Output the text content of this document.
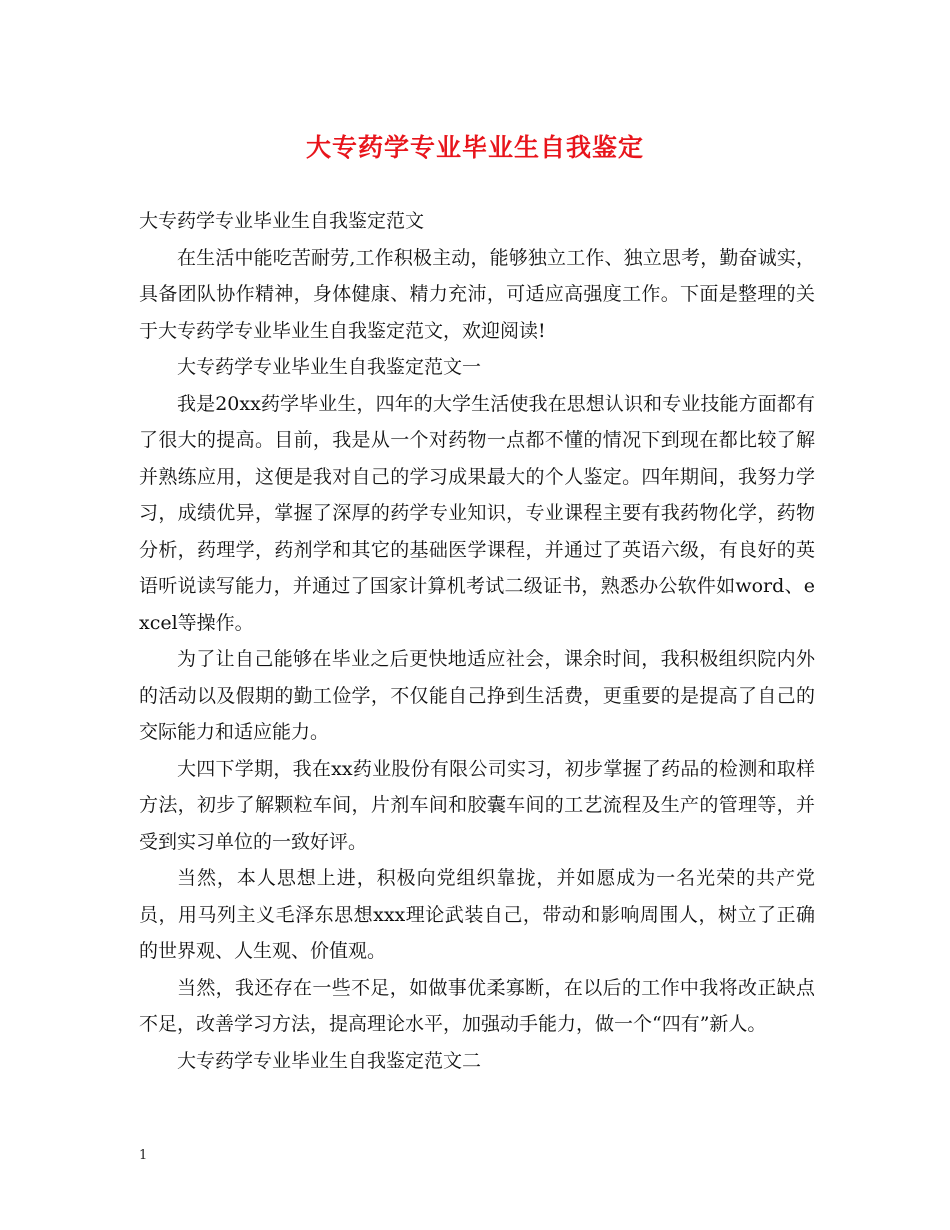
大专药学专业毕业生自我鉴定

大专药学专业毕业生自我鉴定范文

在生活中能吃苦耐劳,工作积极主动，能够独立工作、独立思考，勤奋诚实，具备团队协作精神，身体健康、精力充沛，可适应高强度工作。下面是整理的关于大专药学专业毕业生自我鉴定范文，欢迎阅读!

大专药学专业毕业生自我鉴定范文一

我是20xx药学毕业生，四年的大学生活使我在思想认识和专业技能方面都有了很大的提高。目前，我是从一个对药物一点都不懂的情况下到现在都比较了解并熟练应用，这便是我对自己的学习成果最大的个人鉴定。四年期间，我努力学习，成绩优异，掌握了深厚的药学专业知识，专业课程主要有我药物化学，药物分析，药理学，药剂学和其它的基础医学课程，并通过了英语六级，有良好的英语听说读写能力，并通过了国家计算机考试二级证书，熟悉办公软件如word、excel等操作。

为了让自己能够在毕业之后更快地适应社会，课余时间，我积极组织院内外的活动以及假期的勤工俭学，不仅能自己挣到生活费，更重要的是提高了自己的交际能力和适应能力。

大四下学期，我在xx药业股份有限公司实习，初步掌握了药品的检测和取样方法，初步了解颗粒车间，片剂车间和胶囊车间的工艺流程及生产的管理等，并受到实习单位的一致好评。

当然，本人思想上进，积极向党组织靠拢，并如愿成为一名光荣的共产党员，用马列主义毛泽东思想xxx理论武装自己，带动和影响周围人，树立了正确的世界观、人生观、价值观。

当然，我还存在一些不足，如做事优柔寡断，在以后的工作中我将改正缺点不足，改善学习方法，提高理论水平，加强动手能力，做一个“四有”新人。

大专药学专业毕业生自我鉴定范文二

1
